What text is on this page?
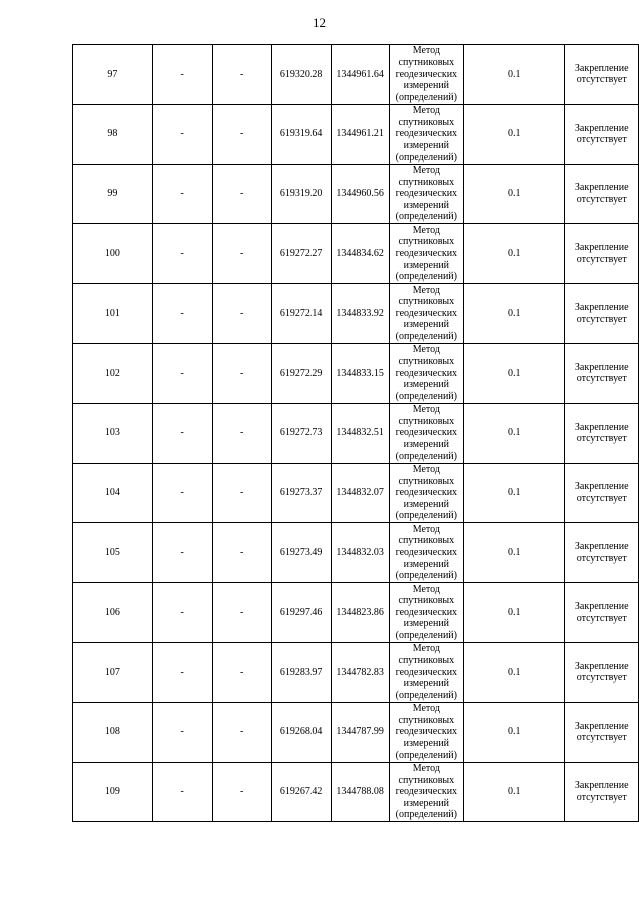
12
97	-	-	619320.28	1344961.64	Метод спутниковых геодезических измерений (определений)	0.1	Закрепление отсутствует
98	-	-	619319.64	1344961.21	Метод спутниковых геодезических измерений (определений)	0.1	Закрепление отсутствует
99	-	-	619319.20	1344960.56	Метод спутниковых геодезических измерений (определений)	0.1	Закрепление отсутствует
100	-	-	619272.27	1344834.62	Метод спутниковых геодезических измерений (определений)	0.1	Закрепление отсутствует
101	-	-	619272.14	1344833.92	Метод спутниковых геодезических измерений (определений)	0.1	Закрепление отсутствует
102	-	-	619272.29	1344833.15	Метод спутниковых геодезических измерений (определений)	0.1	Закрепление отсутствует
103	-	-	619272.73	1344832.51	Метод спутниковых геодезических измерений (определений)	0.1	Закрепление отсутствует
104	-	-	619273.37	1344832.07	Метод спутниковых геодезических измерений (определений)	0.1	Закрепление отсутствует
105	-	-	619273.49	1344832.03	Метод спутниковых геодезических измерений (определений)	0.1	Закрепление отсутствует
106	-	-	619297.46	1344823.86	Метод спутниковых геодезических измерений (определений)	0.1	Закрепление отсутствует
107	-	-	619283.97	1344782.83	Метод спутниковых геодезических измерений (определений)	0.1	Закрепление отсутствует
108	-	-	619268.04	1344787.99	Метод спутниковых геодезических измерений (определений)	0.1	Закрепление отсутствует
109	-	-	619267.42	1344788.08	Метод спутниковых геодезических измерений (определений)	0.1	Закрепление отсутствует
